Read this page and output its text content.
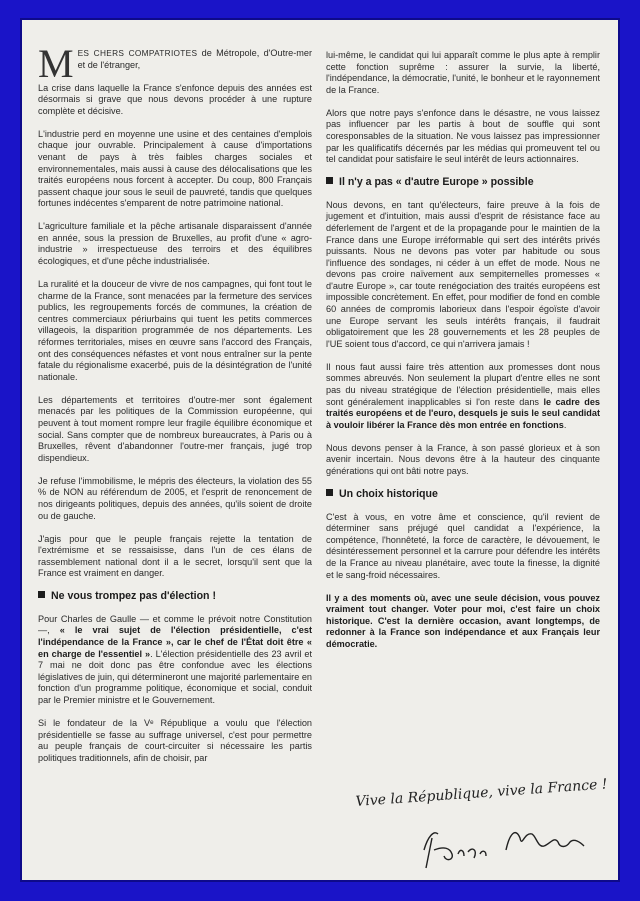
M ES CHERS COMPATRIOTES de Métropole, d'Outre-mer et de l'étranger,

La crise dans laquelle la France s'enfonce depuis des années est désormais si grave que nous devons procéder à une rupture complète et décisive.

L'industrie perd en moyenne une usine et des centaines d'emplois chaque jour ouvrable. Principalement à cause d'importations venant de pays à très faibles charges sociales et environnementales, mais aussi à cause des délocalisations que les traités européens nous forcent à accepter. Du coup, 800 Français passent chaque jour sous le seuil de pauvreté, tandis que quelques fortunes indécentes s'emparent de notre patrimoine national.

L'agriculture familiale et la pêche artisanale disparaissent d'année en année, sous la pression de Bruxelles, au profit d'une « agro-industrie » irrespectueuse des terroirs et des équilibres écologiques, et d'une pêche industrialisée.

La ruralité et la douceur de vivre de nos campagnes, qui font tout le charme de la France, sont menacées par la fermeture des services publics, les regroupements forcés de communes, la création de centres commerciaux périurbains qui tuent les petits commerces villageois, la disparition programmée de nos départements. Les réformes territoriales, mises en œuvre sans l'accord des Français, ont des conséquences néfastes et vont nous entraîner sur la pente fatale du régionalisme exacerbé, puis de la désintégration de l'unité nationale.

Les départements et territoires d'outre-mer sont également menacés par les politiques de la Commission européenne, qui peuvent à tout moment rompre leur fragile équilibre économique et social. Sans compter que de nombreux bureaucrates, à Paris ou à Bruxelles, rêvent d'abandonner l'outre-mer français, jugé trop dispendieux.

Je refuse l'immobilisme, le mépris des électeurs, la violation des 55 % de NON au référendum de 2005, et l'esprit de renoncement de nos dirigeants politiques, depuis des années, qu'ils soient de droite ou de gauche.

J'agis pour que le peuple français rejette la tentation de l'extrémisme et se ressaisisse, dans l'un de ces élans de rassemblement national dont il a le secret, lorsqu'il sent que la France est vraiment en danger.

Ne vous trompez pas d'élection !

Pour Charles de Gaulle — et comme le prévoit notre Constitution —, « le vrai sujet de l'élection présidentielle, c'est l'indépendance de la France », car le chef de l'État doit être « en charge de l'essentiel ». L'élection présidentielle des 23 avril et 7 mai ne doit donc pas être confondue avec les élections législatives de juin, qui détermineront une majorité parlementaire en fonction d'un programme politique, économique et social, conduit par le Premier ministre et le Gouvernement.

Si le fondateur de la Vᵉ République a voulu que l'élection présidentielle se fasse au suffrage universel, c'est pour permettre au peuple français de court-circuiter si nécessaire les partis politiques traditionnels, afin de choisir, par

lui-même, le candidat qui lui apparaît comme le plus apte à remplir cette fonction suprême : assurer la survie, la liberté, l'indépendance, la démocratie, l'unité, le bonheur et le rayonnement de la France.

Alors que notre pays s'enfonce dans le désastre, ne vous laissez pas influencer par les partis à bout de souffle qui sont coresponsables de la situation. Ne vous laissez pas impressionner par les qualificatifs décernés par les médias qui promeuvent tel ou tel candidat pour satisfaire le seul intérêt de leurs actionnaires.

Il n'y a pas « d'autre Europe » possible

Nous devons, en tant qu'électeurs, faire preuve à la fois de jugement et d'intuition, mais aussi d'esprit de résistance face au déferlement de l'argent et de la propagande pour le maintien de la France dans une Europe irréformable qui sert des intérêts privés puissants. Nous ne devons pas voter par habitude ou sous l'influence des sondages, ni céder à un effet de mode. Nous ne devons pas croire naïvement aux sempiternelles promesses « d'autre Europe », car toute renégociation des traités européens est impossible concrètement. En effet, pour modifier de fond en comble 60 années de compromis laborieux dans l'espoir égoïste d'avoir une Europe servant les seuls intérêts français, il faudrait obligatoirement que les 28 gouvernements et les 28 peuples de l'UE soient tous d'accord, ce qui n'arrivera jamais !

Il nous faut aussi faire très attention aux promesses dont nous sommes abreuvés. Non seulement la plupart d'entre elles ne sont pas du niveau stratégique de l'élection présidentielle, mais elles sont généralement inapplicables si l'on reste dans le cadre des traités européens et de l'euro, desquels je suis le seul candidat à vouloir libérer la France dès mon entrée en fonctions.

Nous devons penser à la France, à son passé glorieux et à son avenir incertain. Nous devons être à la hauteur des cinquante générations qui ont bâti notre pays.

Un choix historique

C'est à vous, en votre âme et conscience, qu'il revient de déterminer sans préjugé quel candidat a l'expérience, la compétence, l'honnêteté, la force de caractère, le dévouement, le désintéressement personnel et la carrure pour défendre les intérêts de la France au niveau planétaire, avec toute la finesse, la dignité et le sang-froid nécessaires.

Il y a des moments où, avec une seule décision, vous pouvez vraiment tout changer. Voter pour moi, c'est faire un choix historique. C'est la dernière occasion, avant longtemps, de redonner à la France son indépendance et aux Français leur démocratie.

Vive la République, vive la France !
